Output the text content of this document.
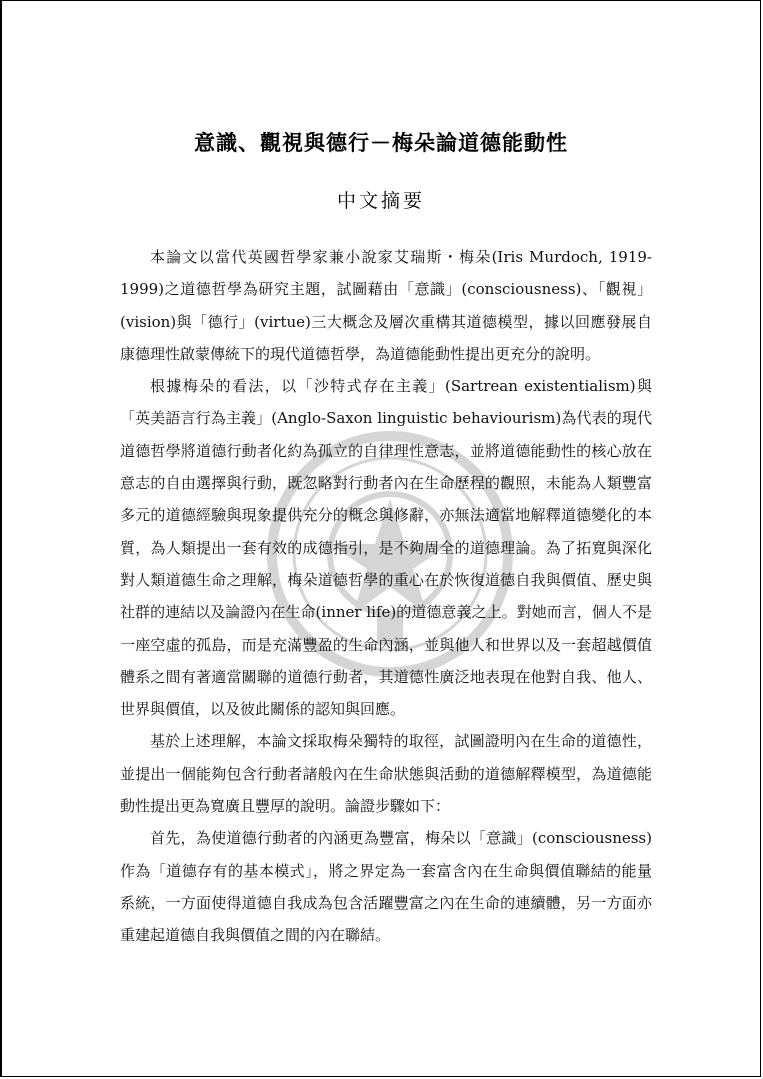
意識、觀視與德行－梅朵論道德能動性
中文摘要

本論文以當代英國哲學家兼小說家艾瑞斯・梅朵(Iris Murdoch, 1919-1999)之道德哲學為研究主題，試圖藉由「意識」(consciousness)、「觀視」(vision)與「德行」(virtue)三大概念及層次重構其道德模型，據以回應發展自康德理性啟蒙傳統下的現代道德哲學，為道德能動性提出更充分的說明。

根據梅朵的看法，以「沙特式存在主義」(Sartrean existentialism)與「英美語言行為主義」(Anglo-Saxon linguistic behaviourism)為代表的現代道德哲學將道德行動者化約為孤立的自律理性意志，並將道德能動性的核心放在意志的自由選擇與行動，既忽略對行動者內在生命歷程的觀照，未能為人類豐富多元的道德經驗與現象提供充分的概念與修辭，亦無法適當地解釋道德變化的本質，為人類提出一套有效的成德指引，是不夠周全的道德理論。為了拓寬與深化對人類道德生命之理解，梅朵道德哲學的重心在於恢復道德自我與價值、歷史與社群的連結以及論證內在生命(inner life)的道德意義之上。對她而言，個人不是一座空虛的孤島，而是充滿豐盈的生命內涵，並與他人和世界以及一套超越價值體系之間有著適當關聯的道德行動者，其道德性廣泛地表現在他對自我、他人、世界與價值，以及彼此關係的認知與回應。

基於上述理解，本論文採取梅朵獨特的取徑，試圖證明內在生命的道德性，並提出一個能夠包含行動者諸般內在生命狀態與活動的道德解釋模型，為道德能動性提出更為寬廣且豐厚的說明。論證步驟如下：

首先，為使道德行動者的內涵更為豐富，梅朵以「意識」(consciousness)作為「道德存有的基本模式」，將之界定為一套富含內在生命與價值聯結的能量系統，一方面使得道德自我成為包含活躍豐富之內在生命的連續體，另一方面亦重建起道德自我與價值之間的內在聯結。
